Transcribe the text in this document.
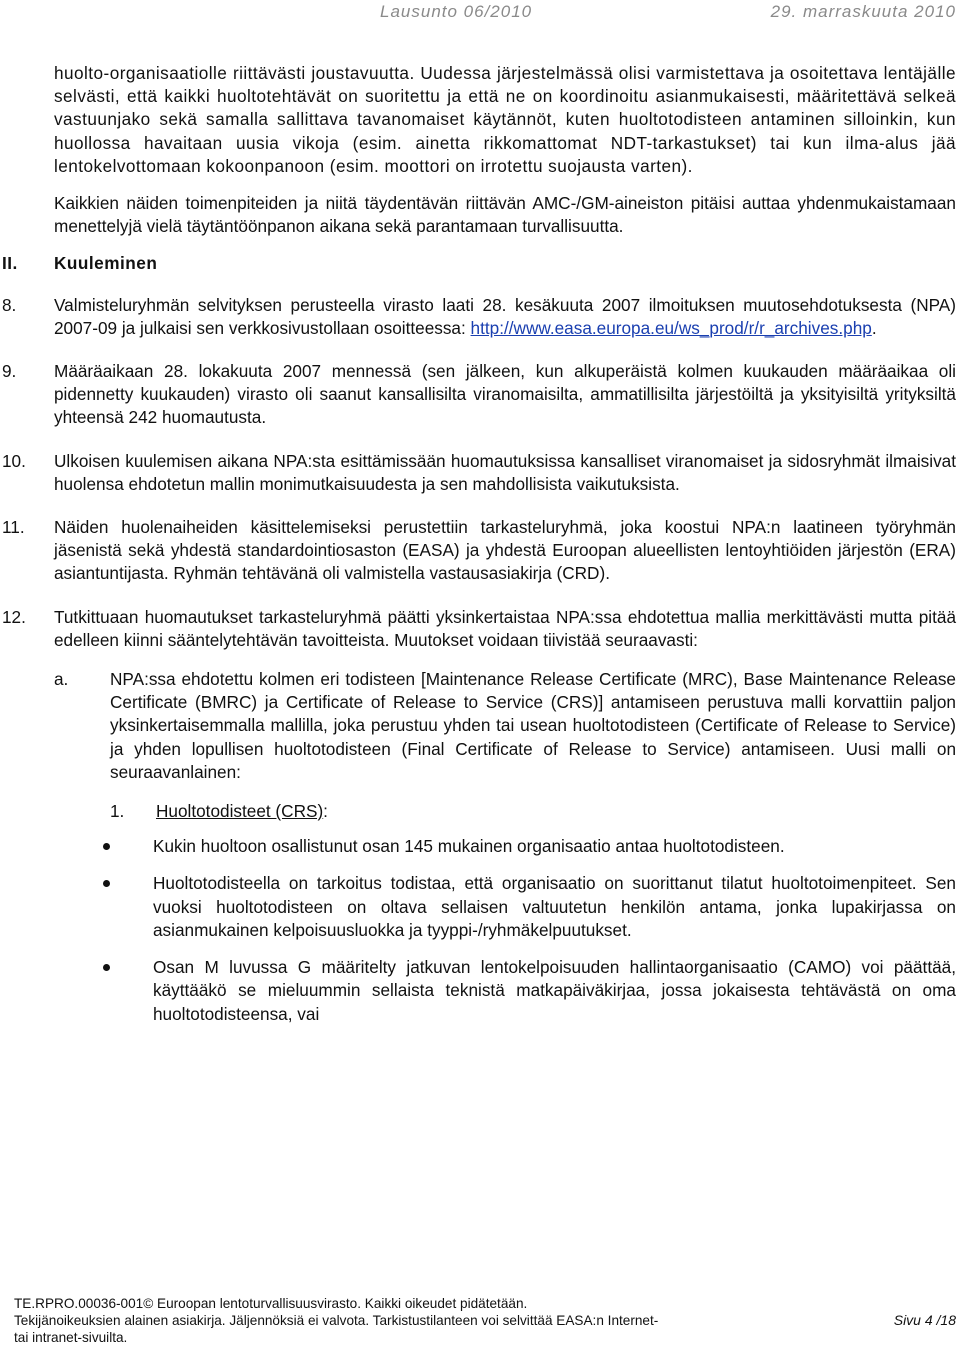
Lausunto 06/2010	29. marraskuuta 2010

huolto-organisaatiolle riittävästi joustavuutta. Uudessa järjestelmässä olisi varmistettava ja osoitettava lentäjälle selvästi, että kaikki huoltotehtävät on suoritettu ja että ne on koordinoitu asianmukaisesti, määritettävä selkeä vastuunjako sekä samalla sallittava tavanomaiset käytännöt, kuten huoltotodisteen antaminen silloinkin, kun huollossa havaitaan uusia vikoja (esim. ainetta rikkomattomat NDT-tarkastukset) tai kun ilma-alus jää lentokelvottomaan kokoonpanoon (esim. moottori on irrotettu suojausta varten).

Kaikkien näiden toimenpiteiden ja niitä täydentävän riittävän AMC-/GM-aineiston pitäisi auttaa yhdenmukaistamaan menettelyjä vielä täytäntöönpanon aikana sekä parantamaan turvallisuutta.

II. Kuuleminen
8. Valmisteluryhmän selvityksen perusteella virasto laati 28. kesäkuuta 2007 ilmoituksen muutosehdotuksesta (NPA) 2007-09 ja julkaisi sen verkkosivustollaan osoitteessa: http://www.easa.europa.eu/ws_prod/r/r_archives.php.

9. Määräaikaan 28. lokakuuta 2007 mennessä (sen jälkeen, kun alkuperäistä kolmen kuukauden määräaikaa oli pidennetty kuukauden) virasto oli saanut kansallisilta viranomaisilta, ammatillisilta järjestöiltä ja yksityisiltä yrityksiltä yhteensä 242 huomautusta.

10. Ulkoisen kuulemisen aikana NPA:sta esittämissään huomautuksissa kansalliset viranomaiset ja sidosryhmät ilmaisivat huolensa ehdotetun mallin monimutkaisuudesta ja sen mahdollisista vaikutuksista.

11. Näiden huolenaiheiden käsittelemiseksi perustettiin tarkasteluryhmä, joka koostui NPA:n laatineen työryhmän jäsenistä sekä yhdestä standardointiosaston (EASA) ja yhdestä Euroopan alueellisten lentoyhtiöiden järjestön (ERA) asiantuntijasta. Ryhmän tehtävänä oli valmistella vastausasiakirja (CRD).

12. Tutkittuaan huomautukset tarkasteluryhmä päätti yksinkertaistaa NPA:ssa ehdotettua mallia merkittävästi mutta pitää edelleen kiinni sääntelytehtävän tavoitteista. Muutokset voidaan tiivistää seuraavasti:

a. NPA:ssa ehdotettu kolmen eri todisteen [Maintenance Release Certificate (MRC), Base Maintenance Release Certificate (BMRC) ja Certificate of Release to Service (CRS)] antamiseen perustuva malli korvattiin paljon yksinkertaisemmalla mallilla, joka perustuu yhden tai usean huoltotodisteen (Certificate of Release to Service) ja yhden lopullisen huoltotodisteen (Final Certificate of Release to Service) antamiseen. Uusi malli on seuraavanlainen:

1. Huoltotodisteet (CRS):

Kukin huoltoon osallistunut osan 145 mukainen organisaatio antaa huoltotodisteen.

Huoltotodisteella on tarkoitus todistaa, että organisaatio on suorittanut tilatut huoltotoimenpiteet. Sen vuoksi huoltotodisteen on oltava sellaisen valtuutetun henkilön antama, jonka lupakirjassa on asianmukainen kelpoisuusluokka ja tyyppi-/ryhmäkelpuutukset.

Osan M luvussa G määritelty jatkuvan lentokelpoisuuden hallintaorganisaatio (CAMO) voi päättää, käyttääkö se mieluummin sellaista teknistä matkapäiväkirjaa, jossa jokaisesta tehtävästä on oma huoltotodisteensa, vai

TE.RPRO.00036-001© Euroopan lentoturvallisuusvirasto. Kaikki oikeudet pidätetään.
Tekijänoikeuksien alainen asiakirja. Jäljennöksiä ei valvota. Tarkistustilanteen voi selvittää EASA:n Internet-
tai intranet-sivuilta.
Sivu 4 /18
